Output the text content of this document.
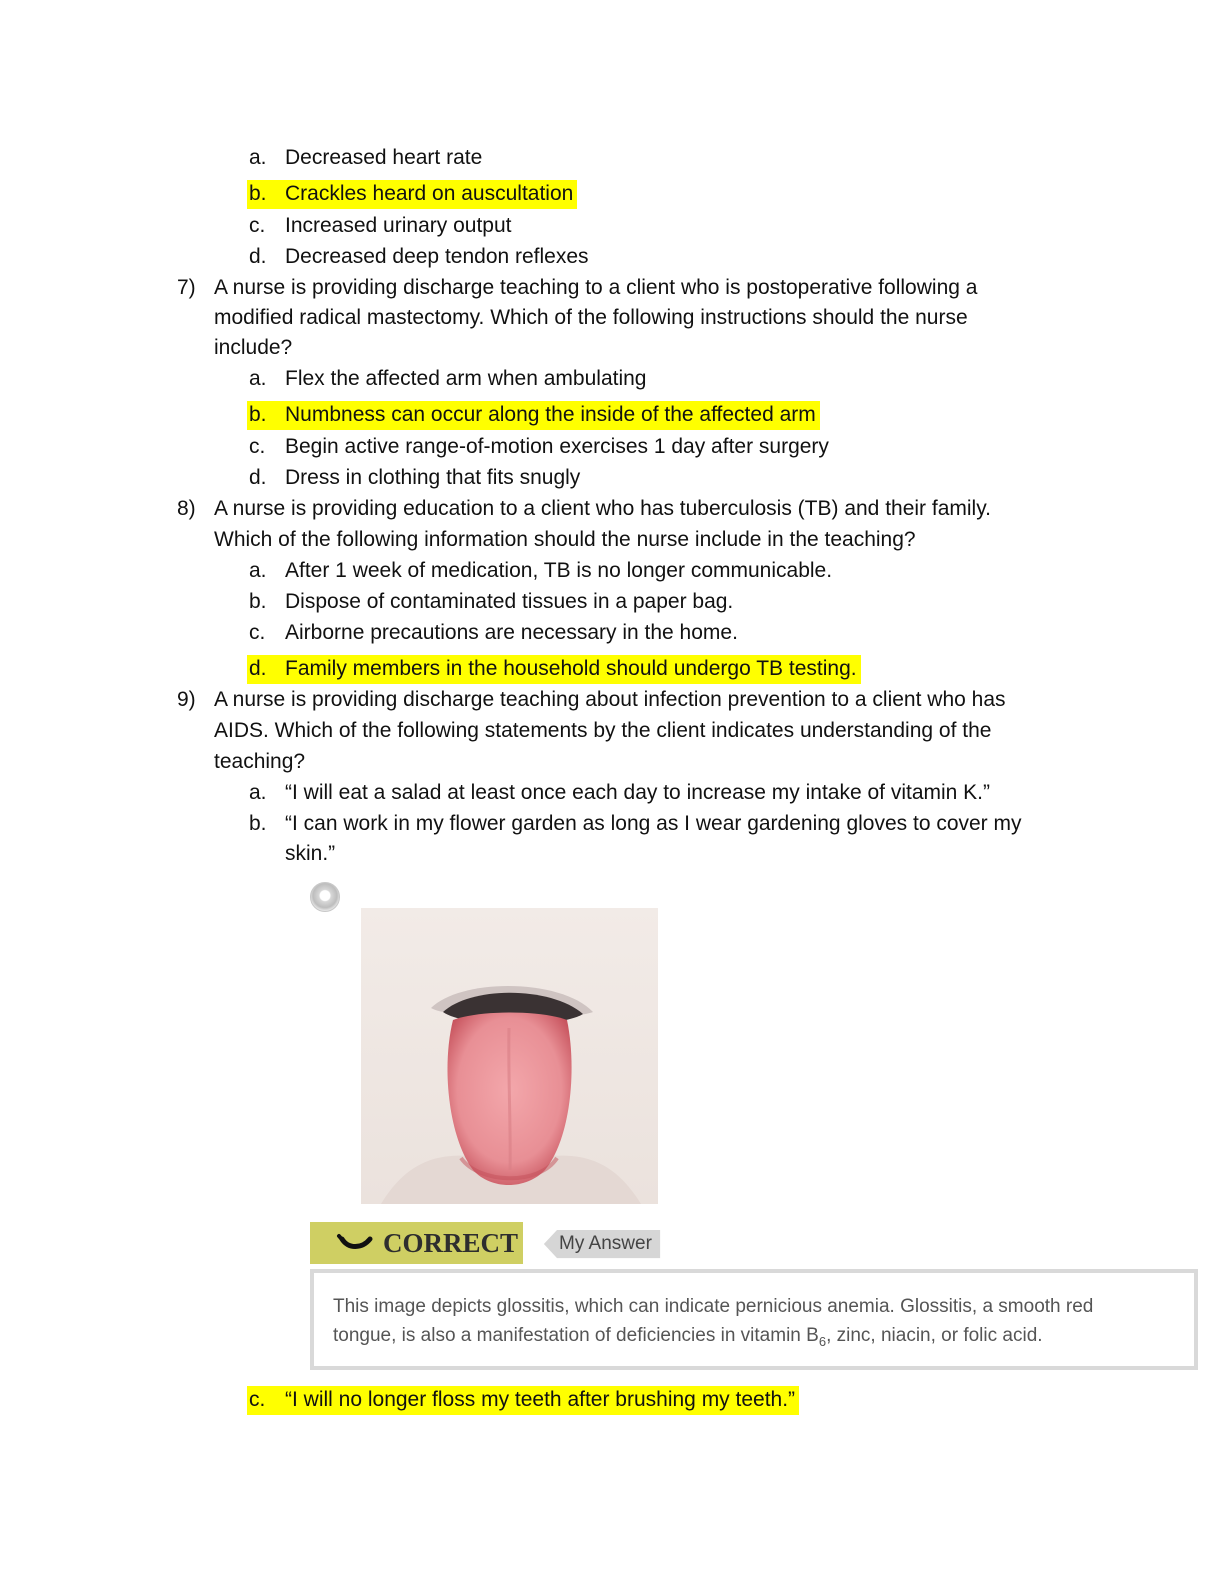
a. Decreased heart rate
b. Crackles heard on auscultation
c. Increased urinary output
d. Decreased deep tendon reflexes
7) A nurse is providing discharge teaching to a client who is postoperative following a
modified radical mastectomy. Which of the following instructions should the nurse
include?
a. Flex the affected arm when ambulating
b. Numbness can occur along the inside of the affected arm
c. Begin active range-of-motion exercises 1 day after surgery
d. Dress in clothing that fits snugly
8) A nurse is providing education to a client who has tuberculosis (TB) and their family.
Which of the following information should the nurse include in the teaching?
a. After 1 week of medication, TB is no longer communicable.
b. Dispose of contaminated tissues in a paper bag.
c. Airborne precautions are necessary in the home.
d. Family members in the household should undergo TB testing.
9) A nurse is providing discharge teaching about infection prevention to a client who has
AIDS. Which of the following statements by the client indicates understanding of the
teaching?
a. “I will eat a salad at least once each day to increase my intake of vitamin K.”
b. “I can work in my flower garden as long as I wear gardening gloves to cover my
skin.”
CORRECT My Answer
This image depicts glossitis, which can indicate pernicious anemia. Glossitis, a smooth red
tongue, is also a manifestation of deficiencies in vitamin $B_6$, zinc, niacin, or folic acid.
c. “I will no longer floss my teeth after brushing my teeth.”
